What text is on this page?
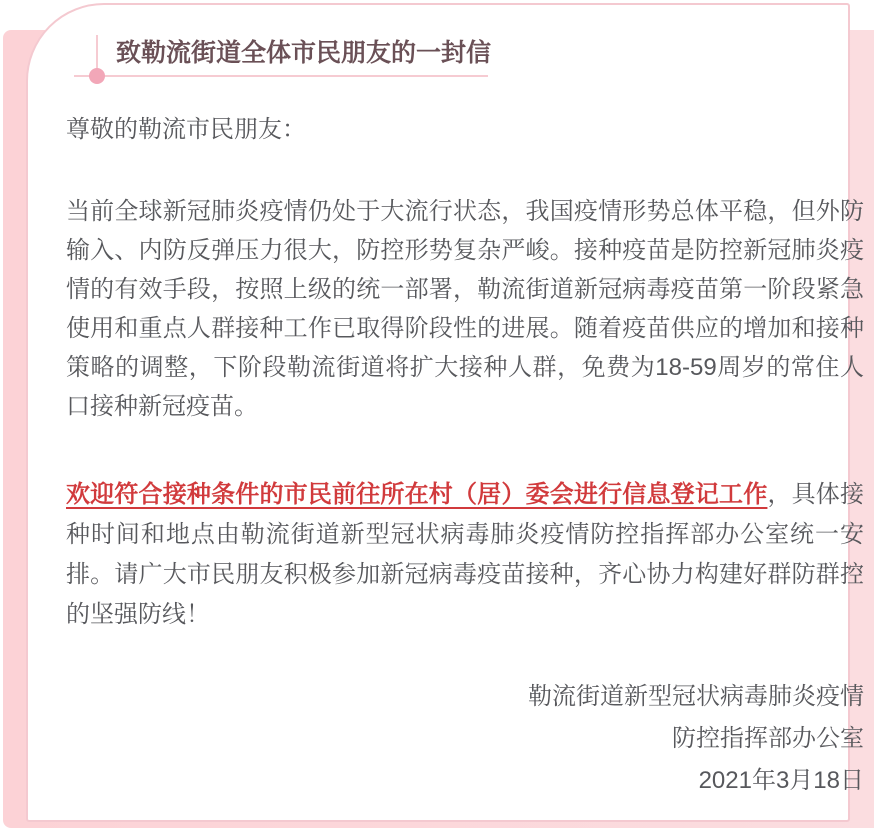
致勒流街道全体市民朋友的一封信

尊敬的勒流市民朋友：

当前全球新冠肺炎疫情仍处于大流行状态，我国疫情形势总体平稳，但外防输入、内防反弹压力很大，防控形势复杂严峻。接种疫苗是防控新冠肺炎疫情的有效手段，按照上级的统一部署，勒流街道新冠病毒疫苗第一阶段紧急使用和重点人群接种工作已取得阶段性的进展。随着疫苗供应的增加和接种策略的调整，下阶段勒流街道将扩大接种人群，免费为18-59周岁的常住人口接种新冠疫苗。

欢迎符合接种条件的市民前往所在村（居）委会进行信息登记工作，具体接种时间和地点由勒流街道新型冠状病毒肺炎疫情防控指挥部办公室统一安排。请广大市民朋友积极参加新冠病毒疫苗接种，齐心协力构建好群防群控的坚强防线！

勒流街道新型冠状病毒肺炎疫情
防控指挥部办公室
2021年3月18日
